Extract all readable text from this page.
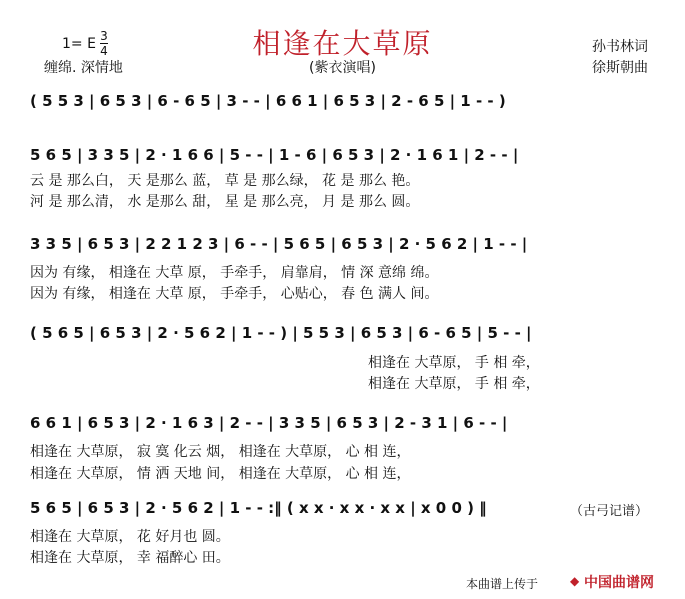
相逢在大草原
(紫衣演唱)
1= E 3
4
缠绵. 深情地
孙书林词
徐斯朝曲
( 5 5 3 | 6 5 3 | 6 - 6 5 | 3 - - | 6 6 1 | 6 5 3 | 2 - 6 5 | 1 - - )
5 6 5 | 3 3 5 | 2 · 1 6 6 | 5 - - | 1 - 6 | 6 5 3 | 2 · 1 6 1 | 2 - - |
云 是 那么白， 天 是那么 蓝， 草 是 那么绿， 花 是 那么 艳。
河 是 那么清， 水 是那么 甜， 星 是 那么亮， 月 是 那么 圆。
3 3 5 | 6 5 3 | 2 2 1 2 3 | 6 - - | 5 6 5 | 6 5 3 | 2 · 5 6 2 | 1 - - |
因为 有缘， 相逢在 大草 原， 手牵手， 肩靠肩， 情 深 意绵 绵。
因为 有缘， 相逢在 大草 原， 手牵手， 心贴心， 春 色 满人 间。
( 5 6 5 | 6 5 3 | 2 · 5 6 2 | 1 - - ) | 5 5 3 | 6 5 3 | 6 - 6 5 | 5 - - |
相逢在 大草原， 手 相 牵，
相逢在 大草原， 手 相 牵，
6 6 1 | 6 5 3 | 2 · 1 6 3 | 2 - - | 3 3 5 | 6 5 3 | 2 - 3 1 | 6 - - |
相逢在 大草原， 寂 寞 化云 烟， 相逢在 大草原， 心 相 连，
相逢在 大草原， 情 洒 天地 间， 相逢在 大草原， 心 相 连，
5 6 5 | 6 5 3 | 2 · 5 6 2 | 1 - - :‖ ( x x · x x · x x | x 0 0 ) ‖	（古弓记谱）
相逢在 大草原， 花 好月也 圆。
相逢在 大草原， 幸 福醉心 田。
本曲谱上传于	◆ 中国曲谱网
